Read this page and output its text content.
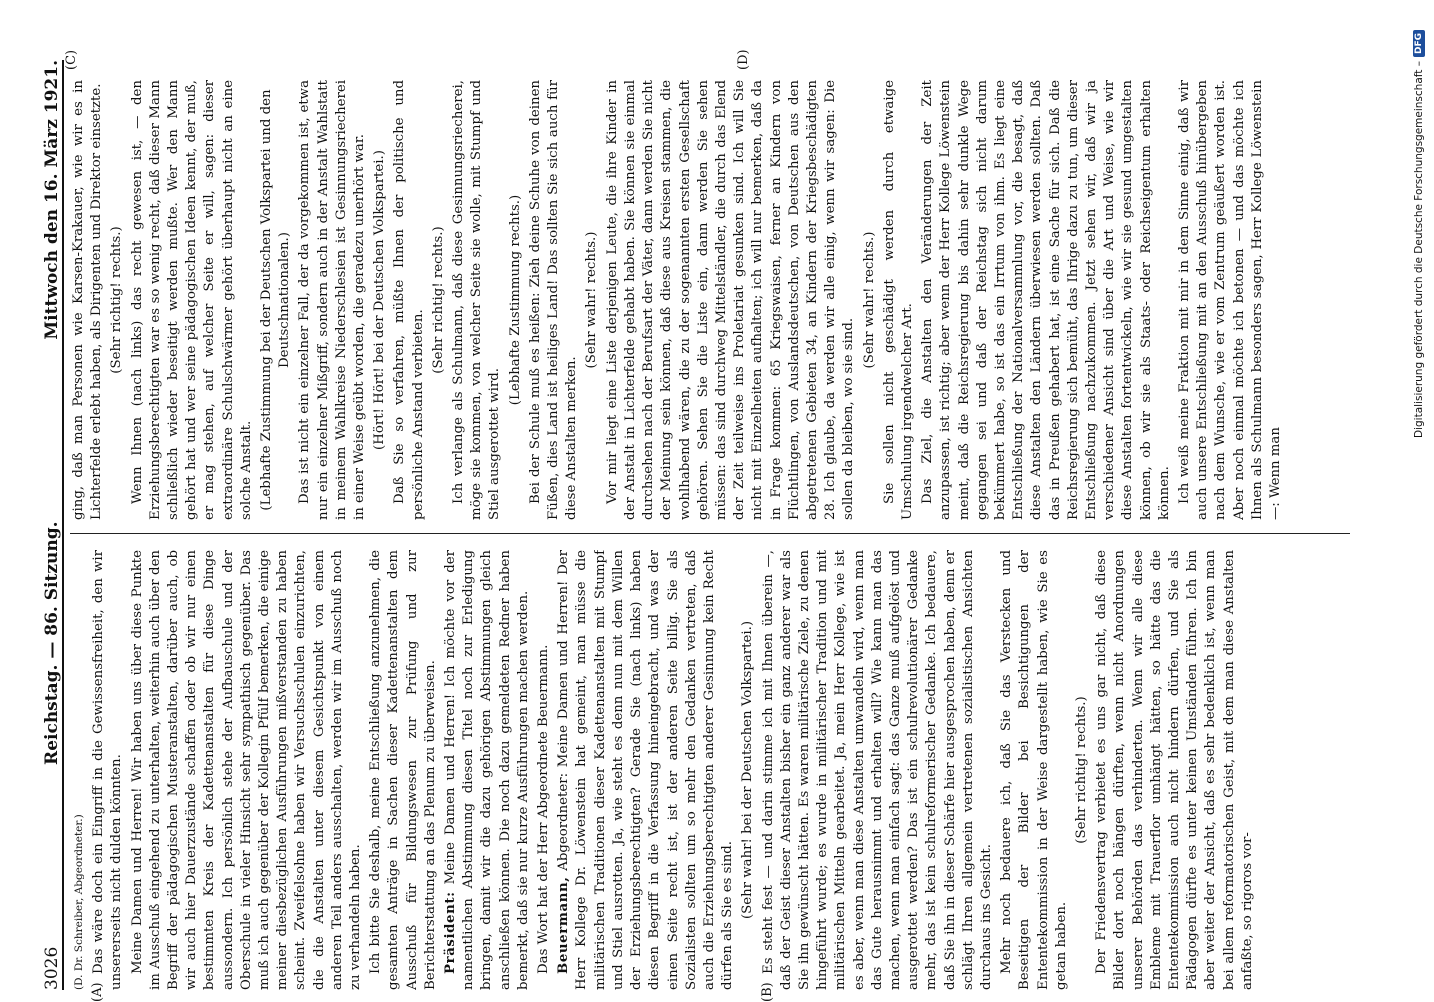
3026
Reichstag. — 86. Sitzung.
Mittwoch den 16. März 1921.
(A)	(B)
(C)	(D)

(D. Dr. Schreiber, Abgeordneter.) Das wäre doch ein Eingriff in die Gewissensfreiheit, den wir unsererseits nicht dulden könnten. Meine Damen und Herren! Wir haben uns über diese Punkte im Ausschuß eingehend zu unterhalten, weiterhin auch über den Begriff der pädagogischen Musteranstalten, darüber auch, ob wir auch hier Dauerzustände schaffen oder ob wir nur einen bestimmten Kreis der Kadettenanstalten für diese Dinge aussondern. Ich persönlich stehe der Aufbauschule und der Oberschule in vieler Hinsicht sehr sympathisch gegenüber. Das muß ich auch gegenüber der Kollegin Pfülf bemerken, die einige meiner diesbezüglichen Ausführungen mißverstanden zu haben scheint. Zweifelsohne haben wir Versuchsschulen einzurichten, die die Anstalten unter diesem Gesichtspunkt von einem anderen Teil anders ausschalten, werden wir im Ausschuß noch zu verhandeln haben. Ich bitte Sie deshalb, meine Entschließung anzunehmen, die gesamten Anträge in Sachen dieser Kadettenanstalten dem Ausschuß für Bildungswesen zur Prüfung und zur Berichterstattung an das Plenum zu überweisen. Präsident: Meine Damen und Herren! Ich möchte vor der namentlichen Abstimmung diesen Titel noch zur Erledigung bringen, damit wir die dazu gehörigen Abstimmungen gleich anschließen können. Die noch dazu gemeldeten Redner haben bemerkt, daß sie nur kurze Ausführungen machen werden. Das Wort hat der Herr Abgeordnete Beuermann. Beuermann, Abgeordneter: Meine Damen und Herren! Der Herr Kollege Dr. Löwenstein hat gemeint, man müsse die militärischen Traditionen dieser Kadettenanstalten mit Stumpf und Stiel ausrotten. Ja, wie steht es denn nun mit dem Willen der Erziehungsberechtigten? Gerade Sie (nach links) haben diesen Begriff in die Verfassung hineingebracht, und was der einen Seite recht ist, ist der anderen Seite billig. Sie als Sozialisten sollten um so mehr den Gedanken vertreten, daß auch die Erziehungsberechtigten anderer Gesinnung kein Recht dürfen als Sie es sind. (Sehr wahr! bei der Deutschen Volkspartei.) Es steht fest — und darin stimme ich mit Ihnen überein —, daß der Geist dieser Anstalten bisher ein ganz anderer war als Sie ihn gewünscht hätten. Es waren militärische Ziele, zu denen hingeführt wurde; es wurde in militärischer Tradition und mit militärischen Mitteln gearbeitet. Ja, mein Herr Kollege, wie ist es aber, wenn man diese Anstalten umwandeln wird, wenn man das Gute herausnimmt und erhalten will? Wie kann man das machen, wenn man einfach sagt: das Ganze muß aufgelöst und ausgerottet werden? Das ist ein schulrevolutionärer Gedanke mehr, das ist kein schulreformerischer Gedanke. Ich bedauere, daß Sie ihn in dieser Schärfe hier ausgesprochen haben, denn er schlägt Ihren allgemein vertretenen sozialistischen Ansichten durchaus ins Gesicht. Mehr noch bedauere ich, daß Sie das Verstecken und Beseitigen der Bilder bei Besichtigungen der Ententekommission in der Weise dargestellt haben, wie Sie es getan haben.

(Sehr richtig! rechts.) Der Friedensvertrag verbietet es uns gar nicht, daß diese Bilder dort noch hängen dürften, wenn nicht Anordnungen unserer Behörden das verhinderten. Wenn wir alle diese Embleme mit Trauerflor umhängt hätten, so hätte das die Ententekommission auch nicht hindern dürfen, und Sie als Pädagogen dürfte es unter keinen Umständen führen. Ich bin aber weiter der Ansicht, daß es sehr bedenklich ist, wenn man bei allem reformatorischen Geist, mit dem man diese Anstalten anfaßte, so rigoros vor-

ging, daß man Personen wie Karsen-Krakauer, wie wir es in Lichterfelde erlebt haben, als Dirigenten und Direktor einsetzte. (Sehr richtig! rechts.) Wenn Ihnen (nach links) das recht gewesen ist, — den Erziehungsberechtigten war es so wenig recht, daß dieser Mann schließlich wieder beseitigt werden mußte. Wer den Mann gehört hat und wer seine pädagogischen Ideen kennt, der muß, er mag stehen, auf welcher Seite er will, sagen: dieser extraordinäre Schulschwärmer gehört überhaupt nicht an eine solche Anstalt. (Lebhafte Zustimmung bei der Deutschen Volkspartei und den Deutschnationalen.) Das ist nicht ein einzelner Fall, der da vorgekommen ist, etwa nur ein einzelner Mißgriff, sondern auch in der Anstalt Wahlstatt in meinem Wahlkreise Niederschlesien ist Gesinnungsriecherei in einer Weise geübt worden, die geradezu unerhört war. (Hört! Hört! bei der Deutschen Volkspartei.) Daß Sie so verfahren, müßte Ihnen der politische und persönliche Anstand verbieten.

(Sehr richtig! rechts.) Ich verlange als Schulmann, daß diese Gesinnungsriecherei, möge sie kommen, von welcher Seite sie wolle, mit Stumpf und Stiel ausgerottet wird.

(Lebhafte Zustimmung rechts.) Bei der Schule muß es heißen: Zieh deine Schuhe von deinen Füßen, dies Land ist heiliges Land! Das sollten Sie sich auch für diese Anstalten merken.

(Sehr wahr! rechts.) Vor mir liegt eine Liste derjenigen Leute, die ihre Kinder in der Anstalt in Lichterfelde gehabt haben. Sie können sie einmal durchsehen nach der Berufsart der Väter, dann werden Sie nicht der Meinung sein können, daß diese aus Kreisen stammen, die wohlhabend wären, die zu der sogenannten ersten Gesellschaft gehören. Sehen Sie die Liste ein, dann werden Sie sehen müssen: das sind durchweg Mittelständler, die durch das Elend der Zeit teilweise ins Proletariat gesunken sind. Ich will Sie nicht mit Einzelheiten aufhalten; ich will nur bemerken, daß da in Frage kommen: 65 Kriegswaisen, ferner an Kindern von Flüchtlingen, von Auslandsdeutschen, von Deutschen aus den abgetretenen Gebieten 34, an Kindern der Kriegsbeschädigten 28. Ich glaube, da werden wir alle einig, wenn wir sagen: Die sollen da bleiben, wo sie sind.

(Sehr wahr! rechts.) Sie sollen nicht geschädigt werden durch etwaige Umschulung irgendwelcher Art. Das Ziel, die Anstalten den Veränderungen der Zeit anzupassen, ist richtig; aber wenn der Herr Kollege Löwenstein meint, daß die Reichsregierung bis dahin sehr dunkle Wege gegangen sei und daß der Reichstag sich nicht darum bekümmert habe, so ist das ein Irrtum von ihm. Es liegt eine Entschließung der Nationalversammlung vor, die besagt, daß diese Anstalten den Ländern überwiesen werden sollten. Daß das in Preußen gehabert hat, ist eine Sache für sich. Daß die Reichsregierung sich bemüht, das Ihrige dazu zu tun, um dieser Entschließung nachzukommen. Jetzt sehen wir, daß wir ja verschiedener Ansicht sind über die Art und Weise, wie wir diese Anstalten fortentwickeln, wie wir sie gesund umgestalten können, ob wir sie als Staats- oder Reichseigentum erhalten können. Ich weiß meine Fraktion mit mir in dem Sinne einig, daß wir auch unsere Entschließung mit an den Ausschuß hinübergeben nach dem Wunsche, wie er vom Zentrum geäußert worden ist. Aber noch einmal möchte ich betonen — und das möchte ich Ihnen als Schulmann besonders sagen, Herr Kollege Löwenstein —: Wenn man

Digitalisierung gefördert durch die Deutsche Forschungsgemeinschaft –
DFG
